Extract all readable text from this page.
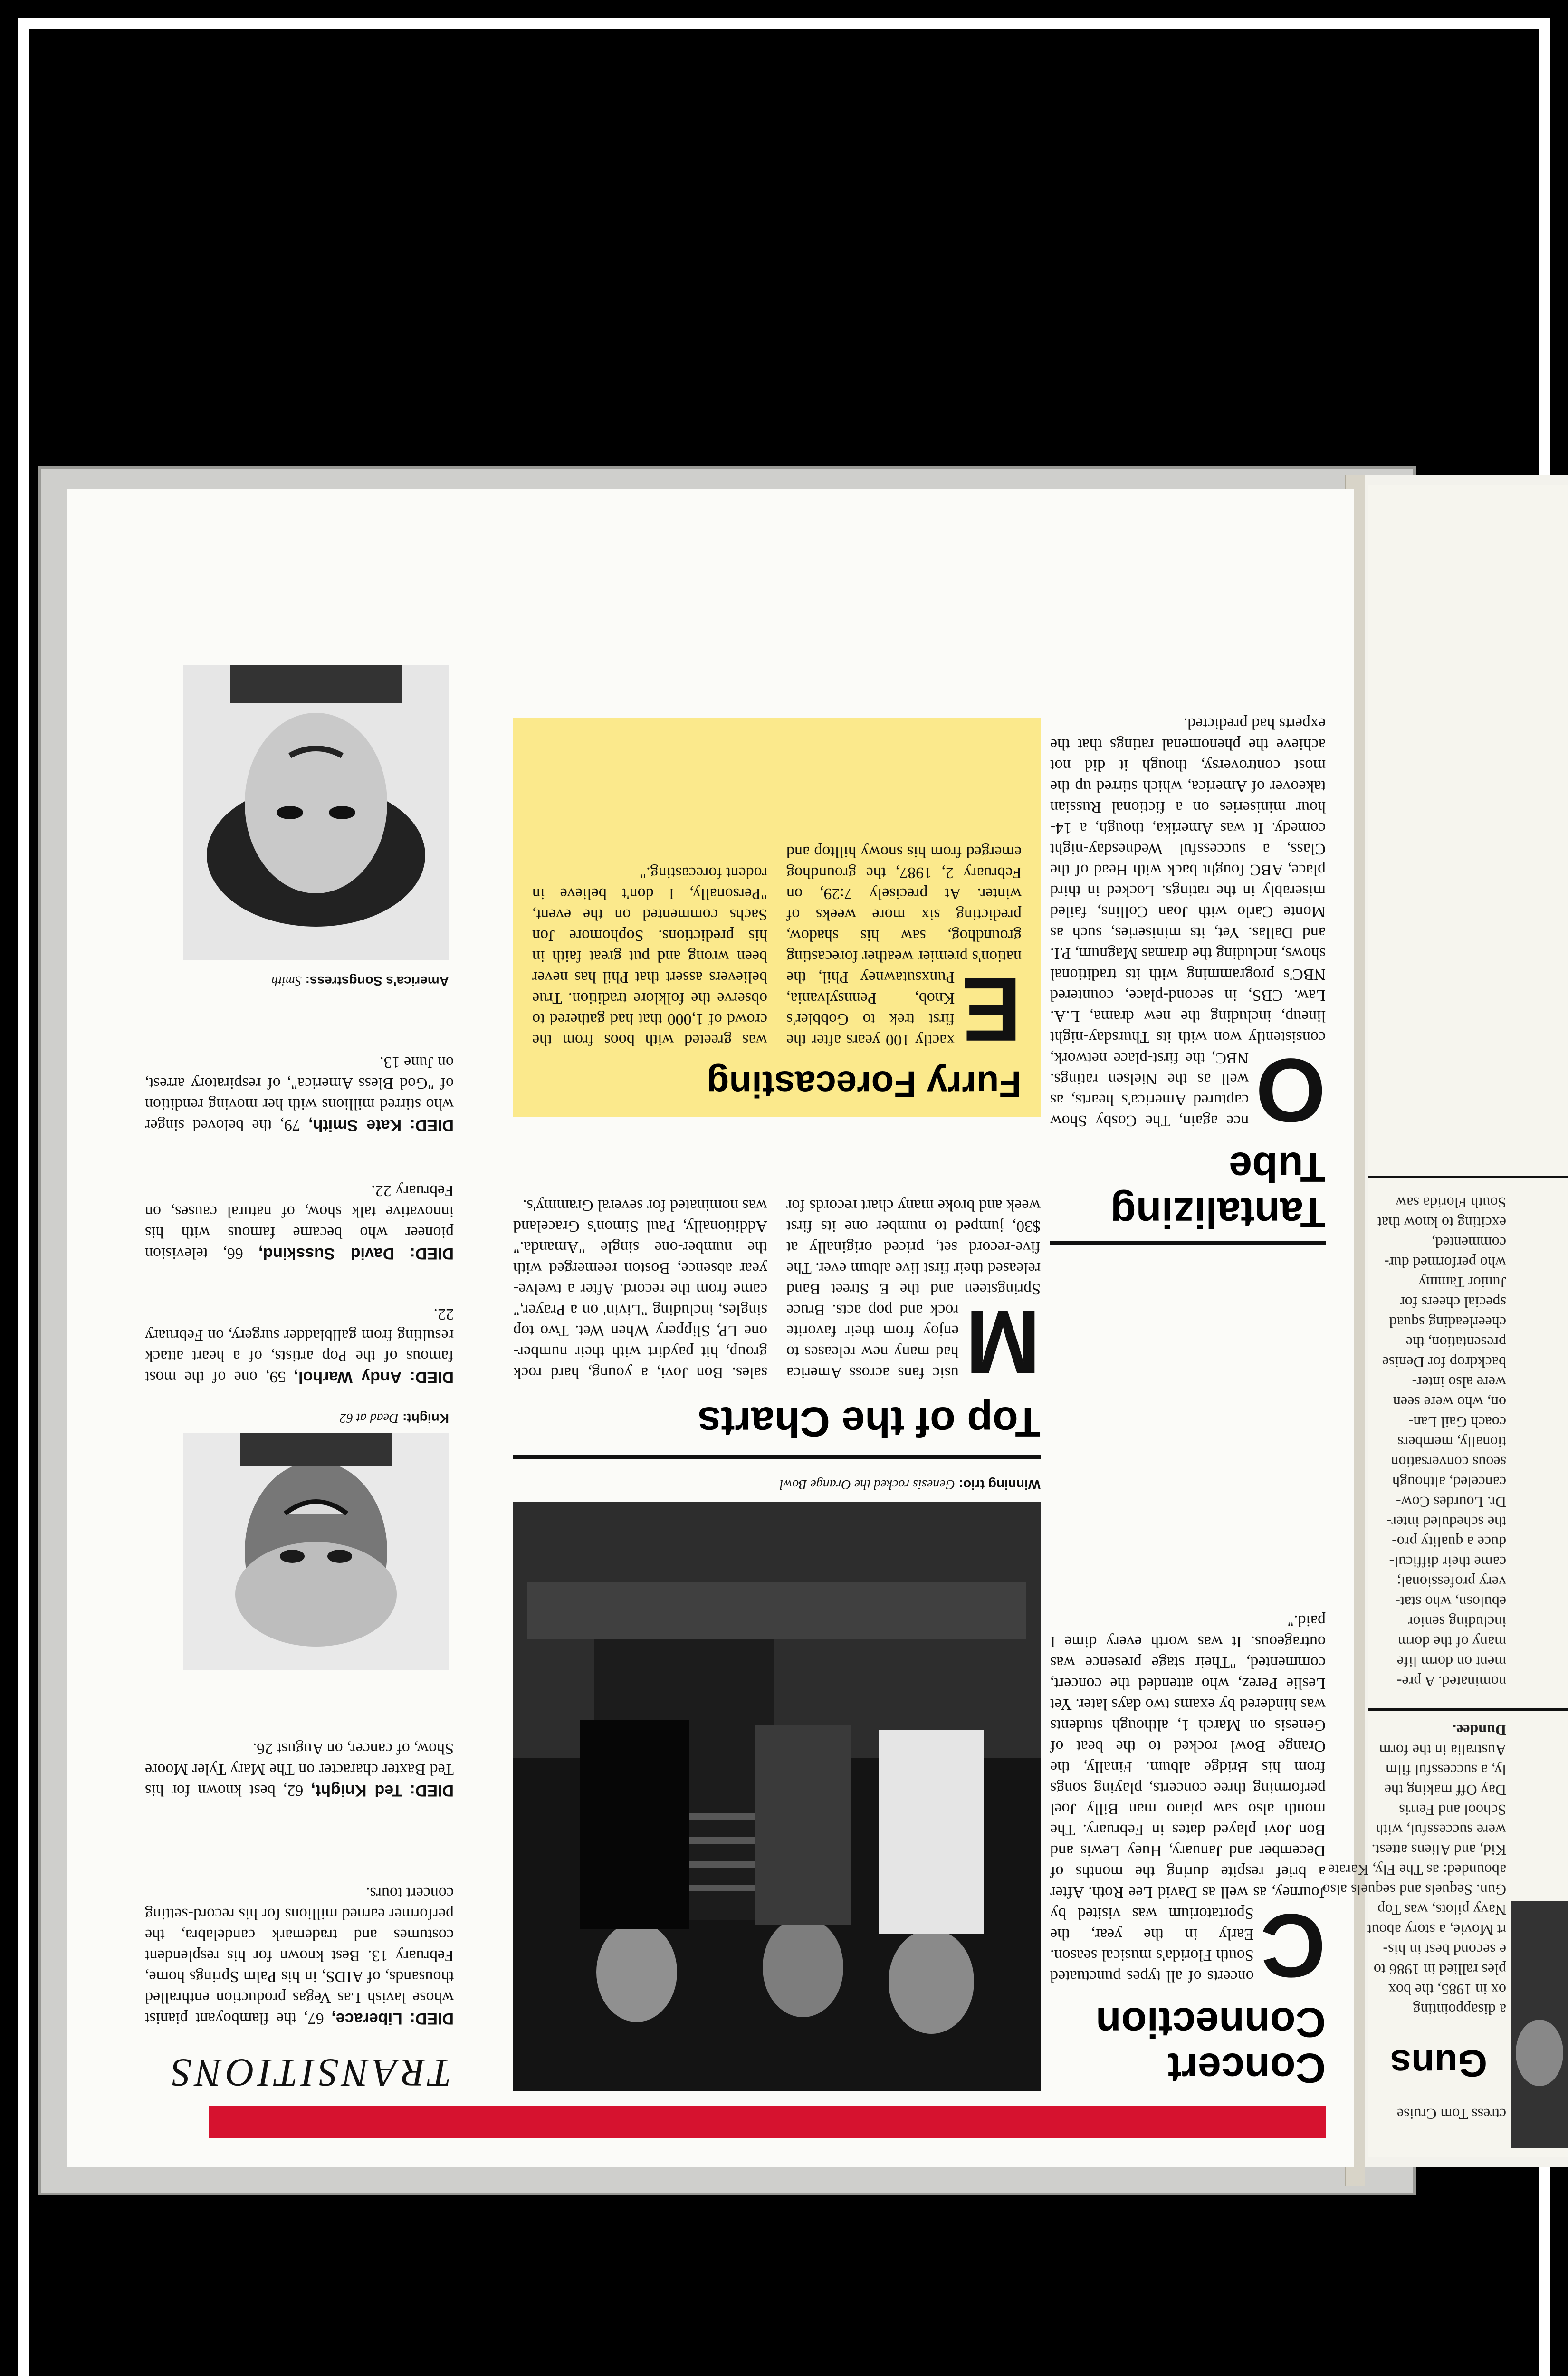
TRANSITIONS
DIED: Liberace, 67, the flamboyant pianist whose lavish Las Vegas production enthralled thousands, of AIDS, in his Palm Springs home, February 13. Best known for his resplendent costumes and trademark candelabra, the performer earned millions for his record-setting concert tours.
DIED: Ted Knight, 62, best known for his Ted Baxter character on The Mary Tyler Moore Show, of cancer, on August 26.
Knight: Dead at 62
DIED: Andy Warhol, 59, one of the most famous of the Pop artists, of a heart attack resulting from gallbladder surgery, on February 22.
DIED: David Susskind, 66, television pioneer who became famous with his innovative talk show, of natural causes, on February 22.
DIED: Kate Smith, 79, the beloved singer who stirred millions with her moving rendition of "God Bless America", of respiratory arrest, on June 13.
America's Songstress: Smith
Concert
Connection
C
oncerts of all types punctuated South Florida's musical season. Early in the year, the Sportatorium was visited by Journey, as well as David Lee Roth. After a brief respite during the months of December and January, Huey Lewis and Bon Jovi played dates in February. The month also saw piano man Billy Joel performing three concerts, playing songs from his Bridge album. Finally, the Orange Bowl rocked to the beat of Genesis on March 1, although students was hindered by exams two days later. Yet Leslie Perez, who attended the concert, commented, "Their stage presence was outrageous. It was worth every dime I paid."
Winning trio: Genesis rocked the Orange Bowl
Top of the Charts
M
usic fans across America had many new releases to enjoy from their favorite rock and pop acts. Bruce Springsteen and the E Street Band released their first live album ever. The five-record set, priced originally at $30, jumped to number one its first week and broke many chart records for sales. Bon Jovi, a young, hard rock group, hit paydirt with their number-one LP, Slippery When Wet. Two top singles, including "Livin' on a Prayer," came from the record. After a twelve-year absence, Boston reemerged with the number-one single "Amanda." Additionally, Paul Simon's Graceland was nominated for several Grammy's.
Furry Forecasting
E
xactly 100 years after the first trek to Gobbler's Knob, Pennsylvania, Punxsutawney Phil, the nation's premier weather forecasting groundhog, saw his shadow, predicting six more weeks of winter. At precisely 7:29, on February 2, 1987, the groundhog emerged from his snowy hilltop and was greeted with boos from the crowd of 1,000 that had gathered to observe the folklore tradition. True believers assert that Phil has never been wrong and put great faith in his predictions. Sophomore Jon Sachs commented on the event, "Personally, I don't believe in rodent forecasting."
Tantalizing
Tube
O
nce again, The Cosby Show captured America's hearts, as well as the Nielsen ratings. NBC, the first-place network, consistently won with its Thursday-night lineup, including the new drama, L.A. Law. CBS, in second-place, countered NBC's programming with its traditional shows, including the dramas Magnum, P.I. and Dallas. Yet, its miniseries, such as Monte Carlo with Joan Collins, failed miserably in the ratings. Locked in third place, ABC fought back with Head of the Class, a successful Wednesday-night comedy. It was Amerika, though, a 14-hour miniseries on a fictional Russian takeover of America, which stirred up the most controversy, though it did not achieve the phenomenal ratings that the experts had predicted.
Guns
ctress Tom Cruise
a disappointing
ox in 1985, the box
ples rallied in 1986 to
e second best in his-
rt Movie, a story about
Navy pilots, was Top
Gun. Sequels and sequels also
abounded: as The Fly, Karate
Kid, and Aliens attest.
were successful, with
School and Ferris
Day Off making the
ly, a successful film
Australia in the form
Dundee.
nominated. A pre-
ment on dorm life
many of the dorm
including senior
ebulosn, who stat-
very professional;
came their difficul-
duce a quality pro-
the scheduled inter-
Dr. Lourdes Cow-
canceled, although
seous conversation
tionally, members
coach Gail Lan-
on, who were seen
were also inter-
backdrop for Denise
presentation, the
cheerleading squad
special cheers for
Junior Tammy
who performed dur-
commented,
exciting to know that
South Florida saw
